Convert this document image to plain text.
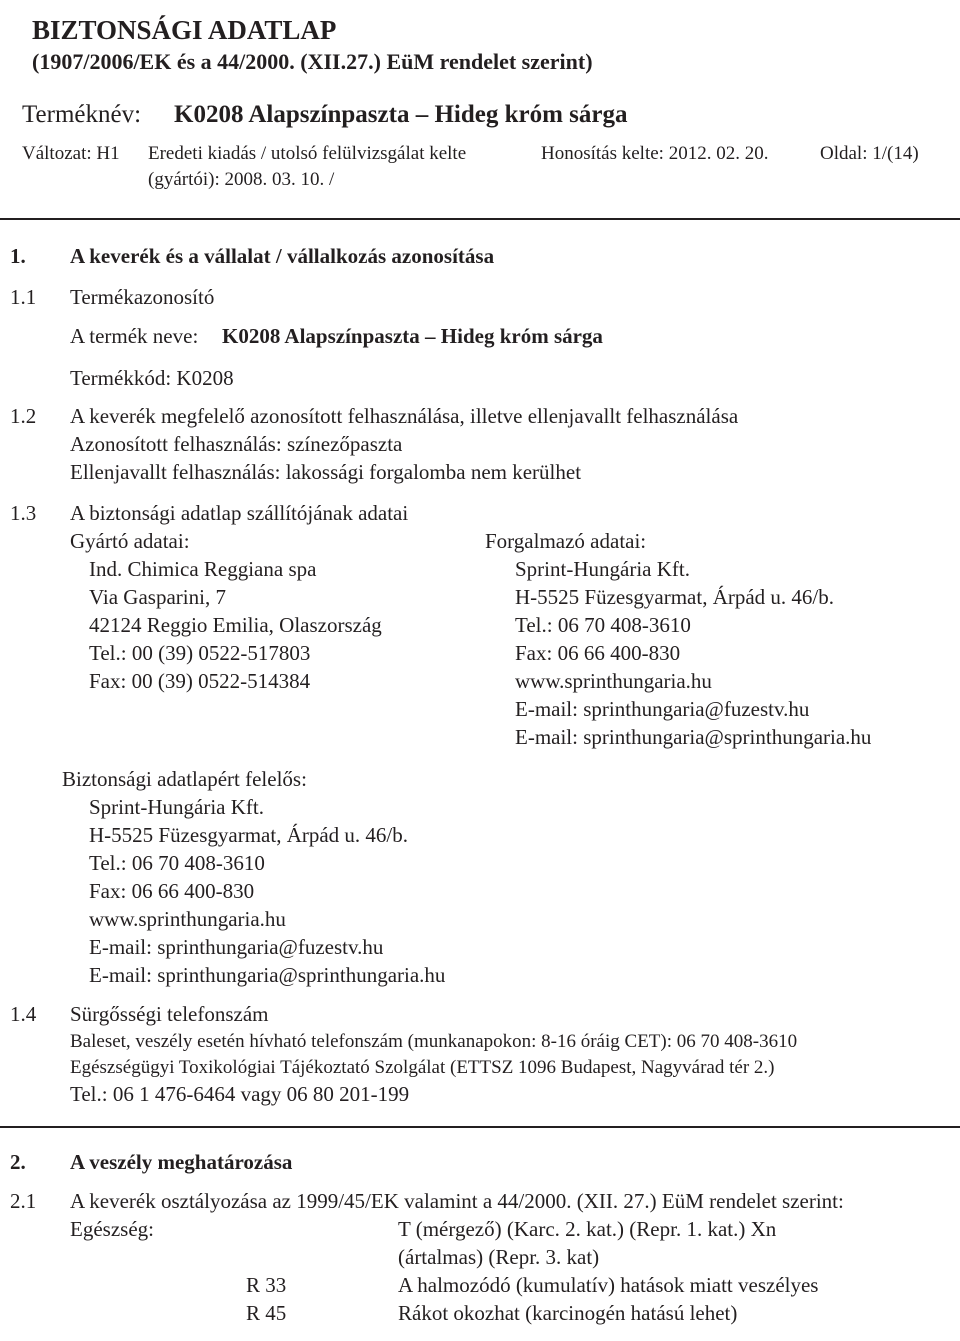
BIZTONSÁGI ADATLAP
(1907/2006/EK és a 44/2000. (XII.27.) EüM rendelet szerint)
Terméknév: K0208 Alapszínpaszta – Hideg króm sárga
Változat: H1 Eredeti kiadás / utolsó felülvizsgálat kelte
(gyártói): 2008. 03. 10. /
Honosítás kelte: 2012. 02. 20.	Oldal: 1/(14)
1. A keverék és a vállalat / vállalkozás azonosítása
1.1 Termékazonosító
A termék neve: K0208 Alapszínpaszta – Hideg króm sárga
Termékkód: K0208
1.2 A keverék megfelelő azonosított felhasználása, illetve ellenjavallt felhasználása
Azonosított felhasználás: színezőpaszta
Ellenjavallt felhasználás: lakossági forgalomba nem kerülhet
1.3 A biztonsági adatlap szállítójának adatai
Gyártó adatai:
Ind. Chimica Reggiana spa
Via Gasparini, 7
42124 Reggio Emilia, Olaszország
Tel.: 00 (39) 0522-517803
Fax: 00 (39) 0522-514384
Forgalmazó adatai:
Sprint-Hungária Kft.
H-5525 Füzesgyarmat, Árpád u. 46/b.
Tel.: 06 70 408-3610
Fax: 06 66 400-830
www.sprinthungaria.hu
E-mail: sprinthungaria@fuzestv.hu
E-mail: sprinthungaria@sprinthungaria.hu
Biztonsági adatlapért felelős:
Sprint-Hungária Kft.
H-5525 Füzesgyarmat, Árpád u. 46/b.
Tel.: 06 70 408-3610
Fax: 06 66 400-830
www.sprinthungaria.hu
E-mail: sprinthungaria@fuzestv.hu
E-mail: sprinthungaria@sprinthungaria.hu
1.4 Sürgősségi telefonszám
Baleset, veszély esetén hívható telefonszám (munkanapokon: 8-16 óráig CET): 06 70 408-3610
Egészségügyi Toxikológiai Tájékoztató Szolgálat (ETTSZ 1096 Budapest, Nagyvárad tér 2.)
Tel.: 06 1 476-6464 vagy 06 80 201-199
2. A veszély meghatározása
2.1 A keverék osztályozása az 1999/45/EK valamint a 44/2000. (XII. 27.) EüM rendelet szerint:
Egészség:	T (mérgező) (Karc. 2. kat.) (Repr. 1. kat.) Xn
(ártalmas) (Repr. 3. kat)
R 33	A halmozódó (kumulatív) hatások miatt veszélyes
R 45	Rákot okozhat (karcinogén hatású lehet)
